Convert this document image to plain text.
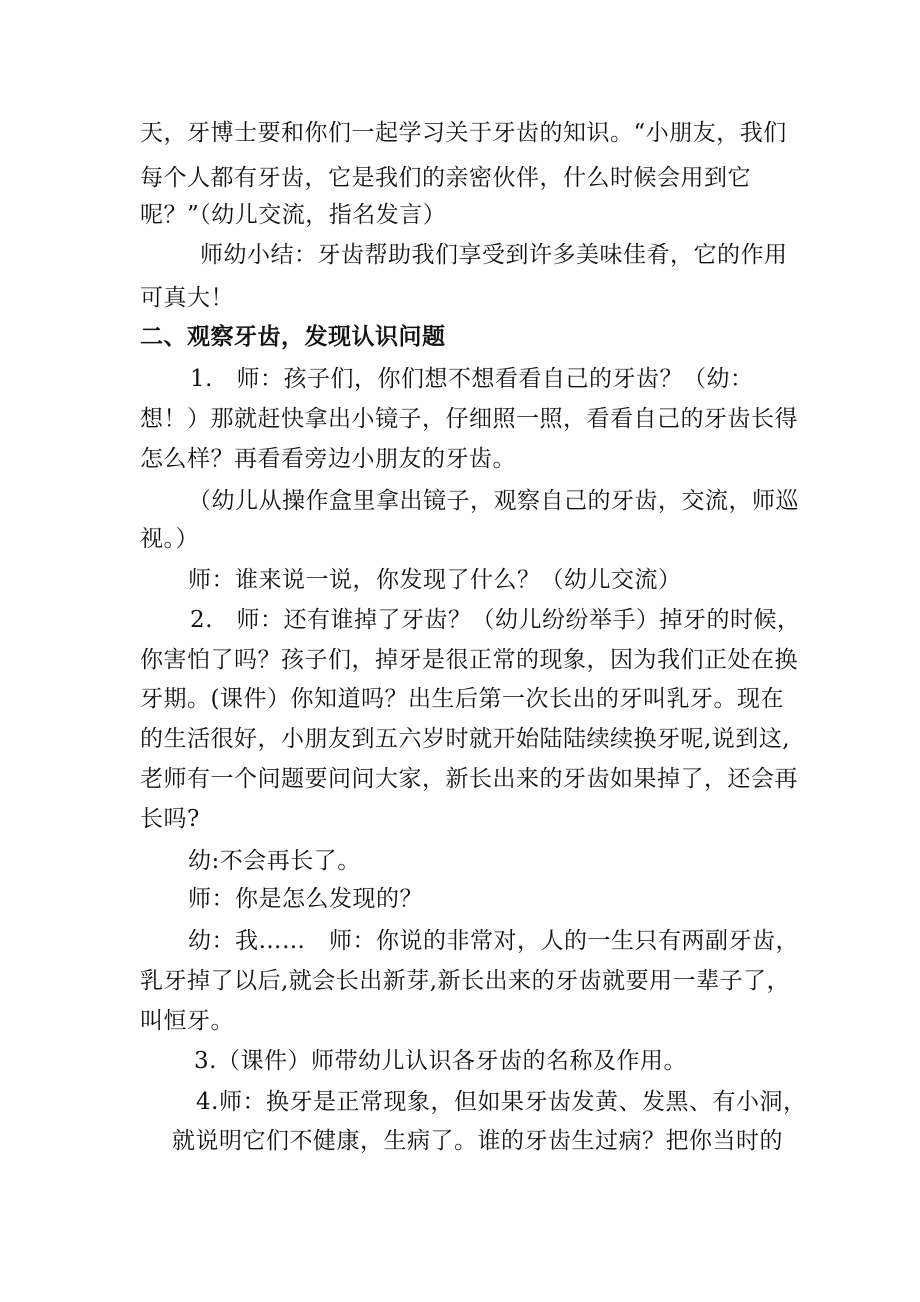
天，牙博士要和你们一起学习关于牙齿的知识。“小朋友，我们
每个人都有牙齿，它是我们的亲密伙伴，什么时候会用到它
呢？”（幼儿交流，指名发言）
师幼小结：牙齿帮助我们享受到许多美味佳肴，它的作用
可真大！
二、观察牙齿，发现认识问题
1.　师：孩子们，你们想不想看看自己的牙齿？（幼：
想！）那就赶快拿出小镜子，仔细照一照，看看自己的牙齿长得
怎么样？再看看旁边小朋友的牙齿。
（幼儿从操作盒里拿出镜子，观察自己的牙齿，交流，师巡
视。）
师：谁来说一说，你发现了什么？（幼儿交流）
2.　师：还有谁掉了牙齿？（幼儿纷纷举手）掉牙的时候，
你害怕了吗？孩子们，掉牙是很正常的现象，因为我们正处在换
牙期。(课件）你知道吗？出生后第一次长出的牙叫乳牙。现在
的生活很好，小朋友到五六岁时就开始陆陆续续换牙呢,说到这,
老师有一个问题要问问大家，新长出来的牙齿如果掉了，还会再
长吗?
幼:不会再长了。
师：你是怎么发现的？
幼：我……　师：你说的非常对，人的一生只有两副牙齿，
乳牙掉了以后,就会长出新芽,新长出来的牙齿就要用一辈子了，
叫恒牙。
3.（课件）师带幼儿认识各牙齿的名称及作用。
4.师：换牙是正常现象，但如果牙齿发黄、发黑、有小洞，
就说明它们不健康，生病了。谁的牙齿生过病？把你当时的
